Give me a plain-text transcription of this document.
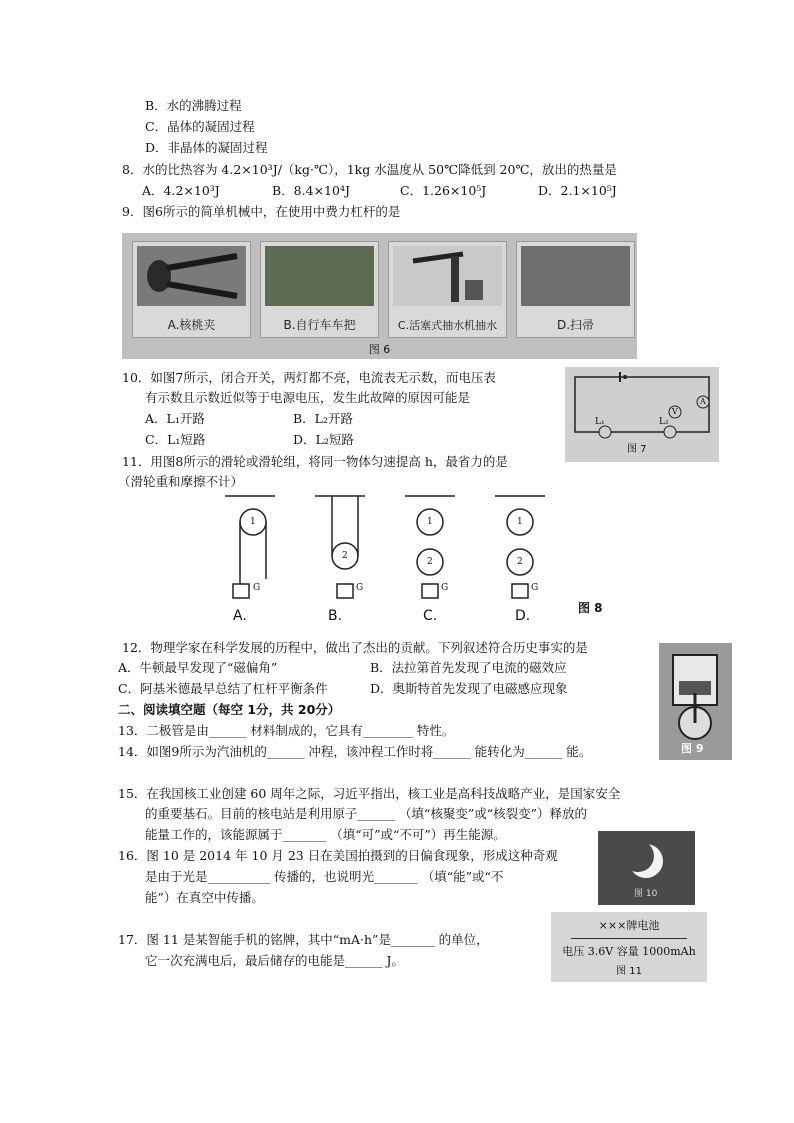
B．水的沸腾过程
C．晶体的凝固过程
D．非晶体的凝固过程
8．水的比热容为 4.2×10³J/（kg·℃），1kg 水温度从 50℃降低到 20℃，放出的热量是
A．4.2×10³J	B．8.4×10⁴J	C．1.26×10⁵J	D．2.1×10⁵J
9．图6所示的简单机械中，在使用中费力杠杆的是
A.核桃夹	B.自行车车把	C.活塞式抽水机抽水	D.扫帚
图 6
10．如图7所示，闭合开关，两灯都不亮，电流表无示数，而电压表
有示数且示数近似等于电源电压，发生此故障的原因可能是
A．L₁开路	B．L₂开路
C．L₁短路	D．L₂短路
L₁	L₂
V
A
图 7
11．用图8所示的滑轮或滑轮组，将同一物体匀速提高 h，最省力的是
（滑轮重和摩擦不计）
A.	B.	C.	D.
G	G	G	G
1
2
1
2
1
2
图 8
12．物理学家在科学发展的历程中，做出了杰出的贡献。下列叙述符合历史事实的是
A．牛顿最早发现了“磁偏角”	B．法拉第首先发现了电流的磁效应
C．阿基米德最早总结了杠杆平衡条件	D．奥斯特首先发现了电磁感应现象
图 9
二、阅读填空题（每空 1分，共 20分）
13．二极管是由______ 材料制成的，它具有________ 特性。
14．如图9所示为汽油机的______ 冲程，该冲程工作时将______ 能转化为______ 能。
15．在我国核工业创建 60 周年之际，习近平指出，核工业是高科技战略产业，是国家安全
的重要基石。目前的核电站是利用原子______ （填“核聚变”或“核裂变”）释放的
能量工作的，该能源属于_______ （填“可”或“不可”）再生能源。
16．图 10 是 2014 年 10 月 23 日在美国拍摄到的日偏食现象，形成这种奇观
是由于光是__________ 传播的，也说明光_______ （填“能”或“不
能”）在真空中传播。	图 10
17．图 11 是某智能手机的铭牌，其中“mA·h”是_______ 的单位，
它一次充满电后，最后储存的电能是______ J。
×××牌电池
电压 3.6V 容量 1000mAh
图 11
